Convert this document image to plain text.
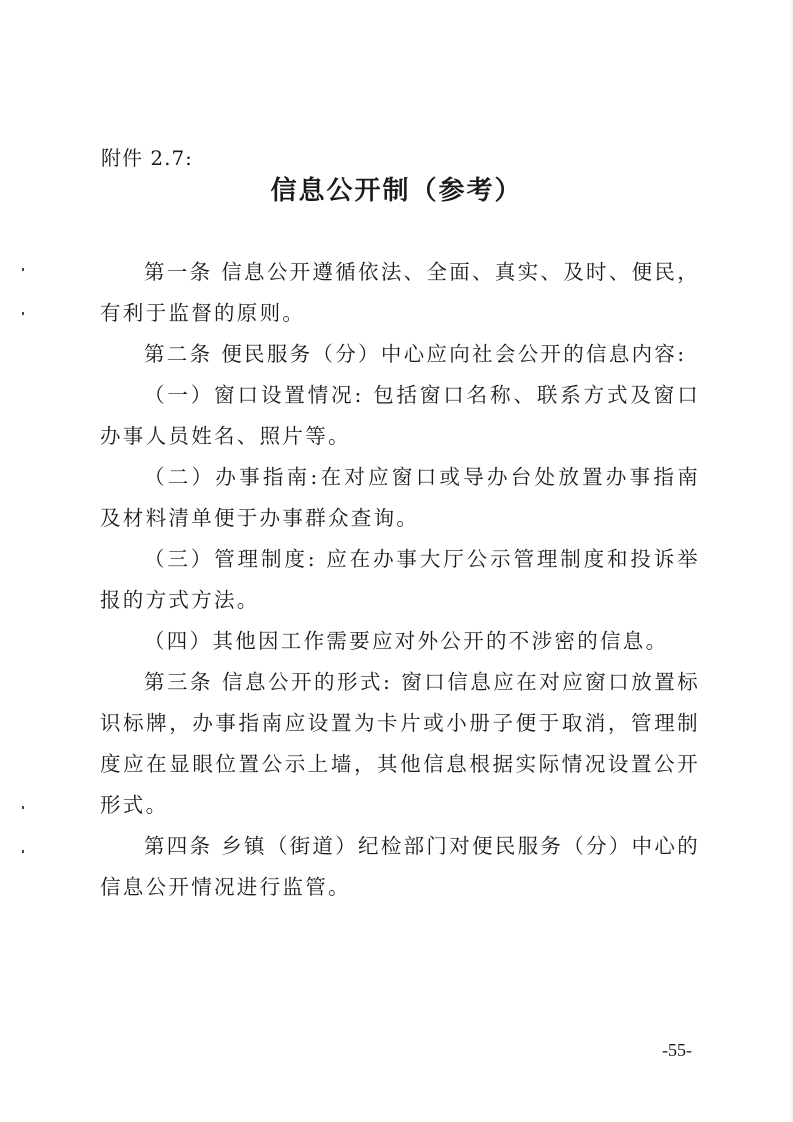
附件 2.7:

信息公开制（参考）

第一条 信息公开遵循依法、全面、真实、及时、便民，有利于监督的原则。

第二条 便民服务（分）中心应向社会公开的信息内容:

（一）窗口设置情况: 包括窗口名称、联系方式及窗口办事人员姓名、照片等。

（二）办事指南:在对应窗口或导办台处放置办事指南及材料清单便于办事群众查询。

（三）管理制度: 应在办事大厅公示管理制度和投诉举报的方式方法。

（四）其他因工作需要应对外公开的不涉密的信息。

第三条 信息公开的形式: 窗口信息应在对应窗口放置标识标牌，办事指南应设置为卡片或小册子便于取消，管理制度应在显眼位置公示上墙，其他信息根据实际情况设置公开形式。

第四条 乡镇（街道）纪检部门对便民服务（分）中心的信息公开情况进行监管。

-55-
